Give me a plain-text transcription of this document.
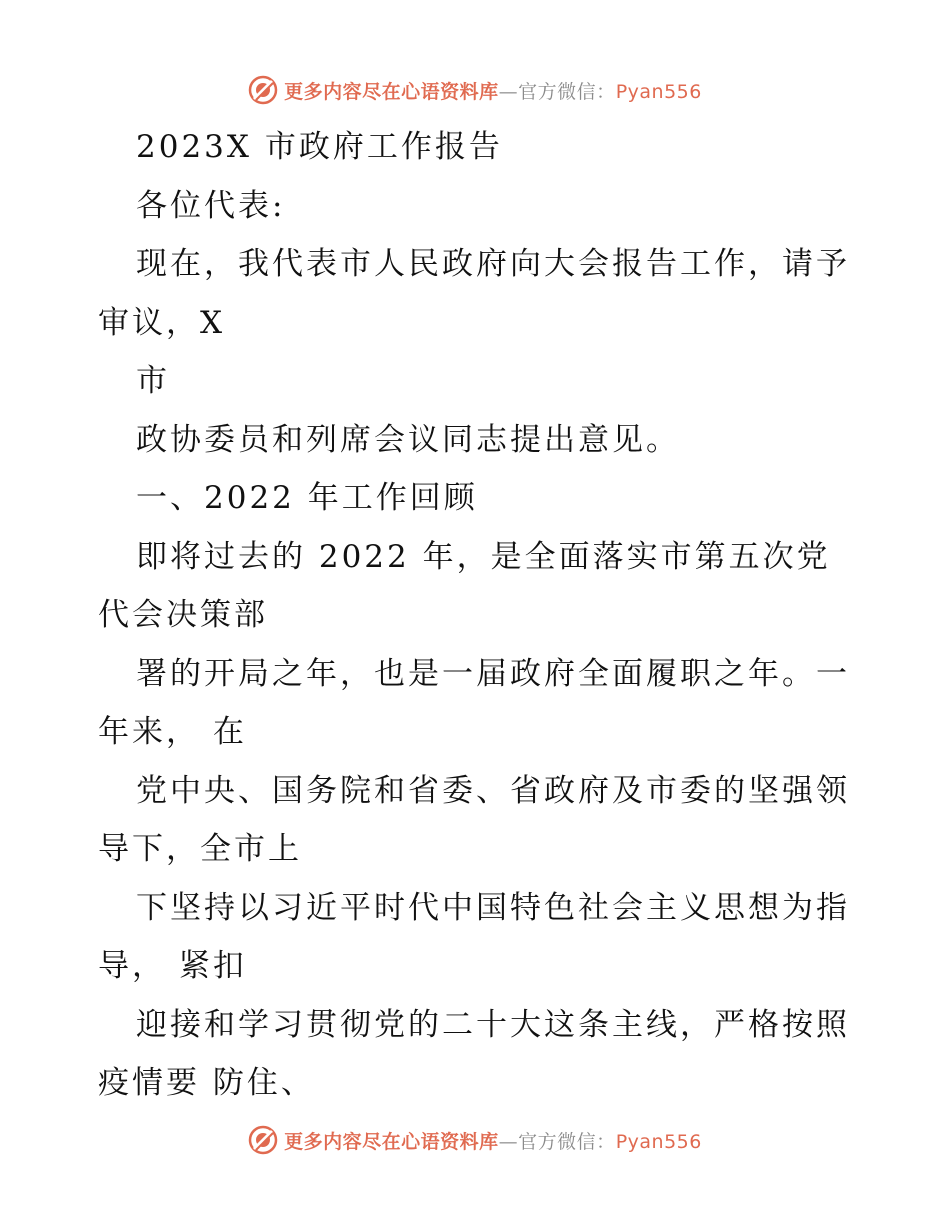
更多内容尽在心语资料库—官方微信：Pyan556
2023X 市政府工作报告
各位代表:
现在，我代表市人民政府向大会报告工作，请予
审议，X
市
政协委员和列席会议同志提出意见。
一、2022 年工作回顾
即将过去的 2022 年，是全面落实市第五次党
代会决策部
署的开局之年，也是一届政府全面履职之年。一
年来， 在
党中央、国务院和省委、省政府及市委的坚强领
导下，全市上
下坚持以习近平时代中国特色社会主义思想为指
导， 紧扣
迎接和学习贯彻党的二十大这条主线，严格按照
疫情要 防住、
更多内容尽在心语资料库—官方微信：Pyan556
